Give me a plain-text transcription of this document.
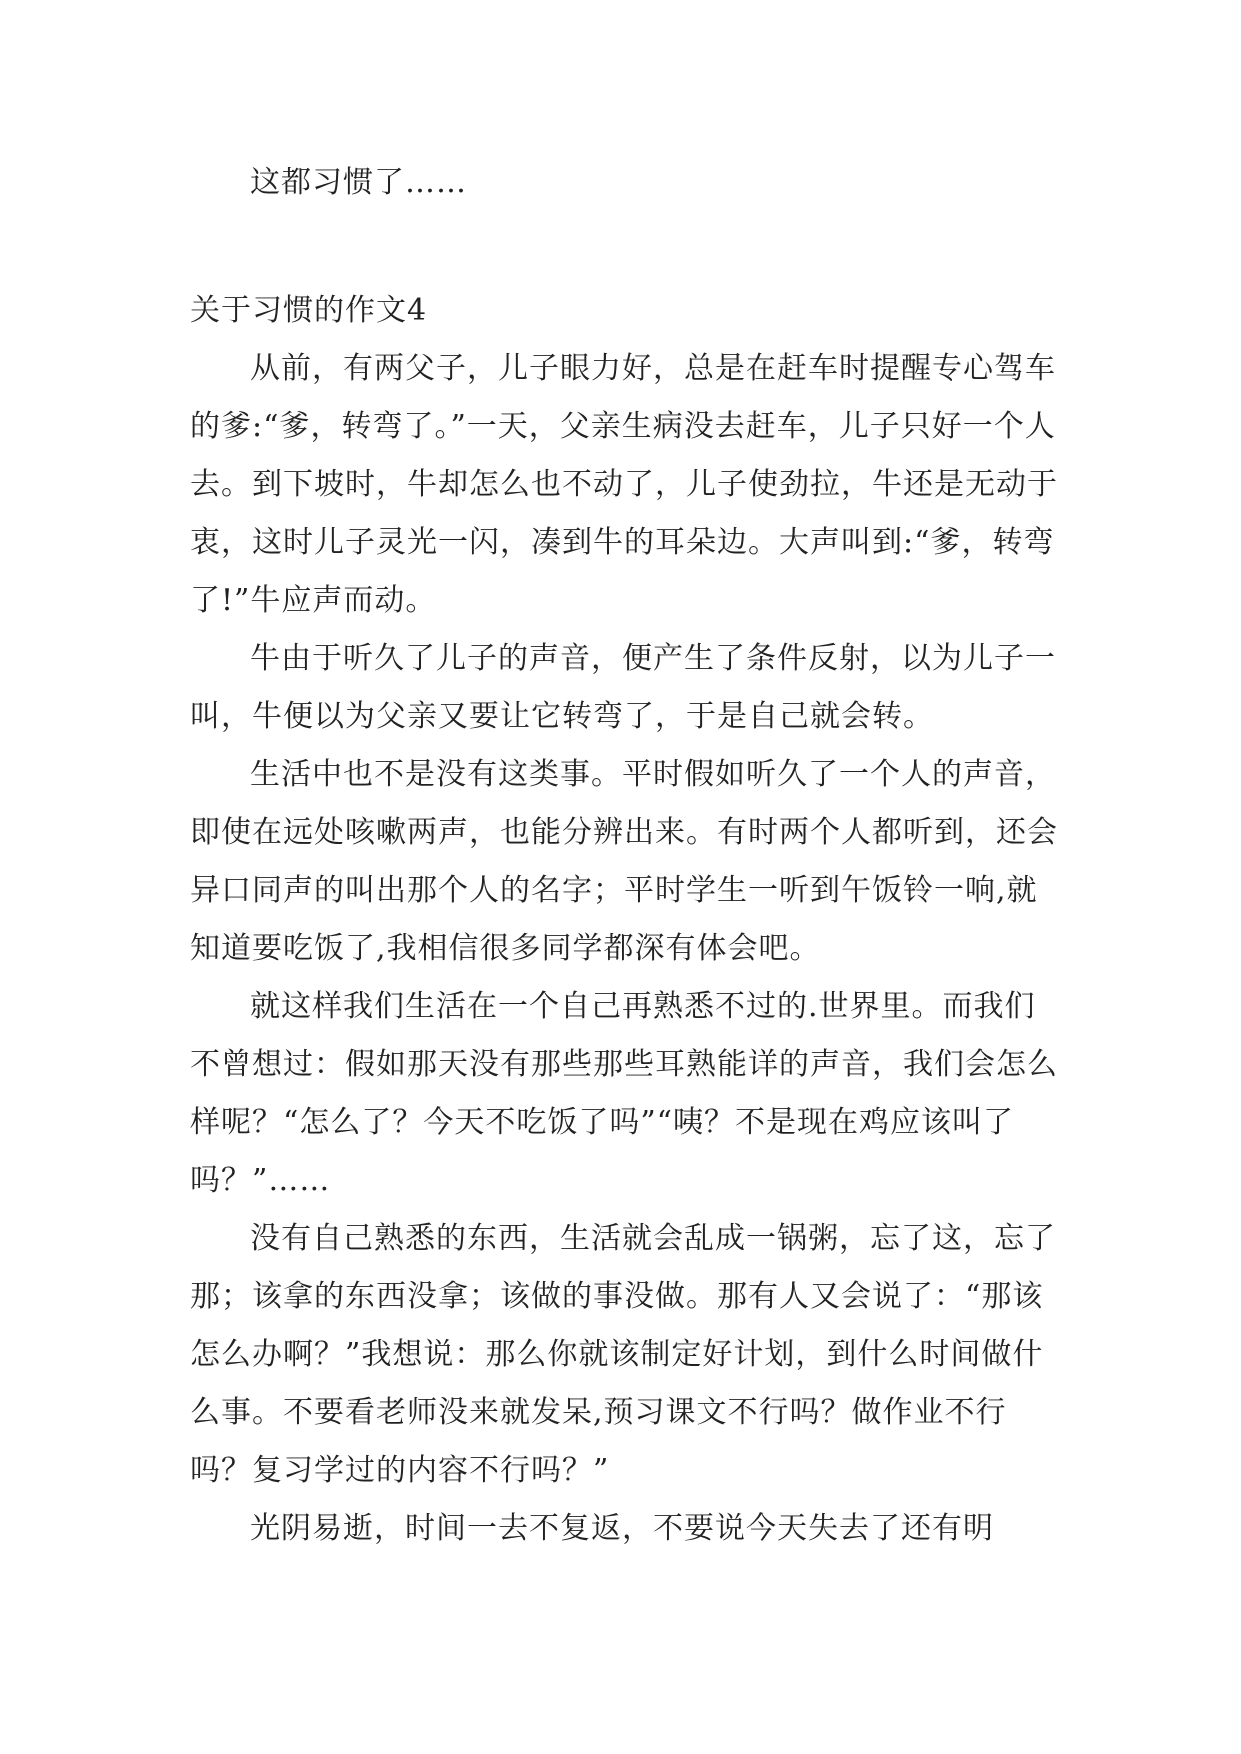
这都习惯了……

关于习惯的作文4

从前，有两父子，儿子眼力好，总是在赶车时提醒专心驾车的爹:“爹，转弯了。”一天，父亲生病没去赶车，儿子只好一个人去。到下坡时，牛却怎么也不动了，儿子使劲拉，牛还是无动于衷，这时儿子灵光一闪，凑到牛的耳朵边。大声叫到:“爹，转弯了!”牛应声而动。

牛由于听久了儿子的声音，便产生了条件反射，以为儿子一叫，牛便以为父亲又要让它转弯了，于是自己就会转。

生活中也不是没有这类事。平时假如听久了一个人的声音，即使在远处咳嗽两声，也能分辨出来。有时两个人都听到，还会异口同声的叫出那个人的名字；平时学生一听到午饭铃一响,就知道要吃饭了,我相信很多同学都深有体会吧。

就这样我们生活在一个自己再熟悉不过的.世界里。而我们不曾想过：假如那天没有那些那些耳熟能详的声音，我们会怎么样呢？“怎么了？今天不吃饭了吗”“咦？不是现在鸡应该叫了吗？”……

没有自己熟悉的东西，生活就会乱成一锅粥，忘了这，忘了那；该拿的东西没拿；该做的事没做。那有人又会说了：“那该怎么办啊？”我想说：那么你就该制定好计划，到什么时间做什么事。不要看老师没来就发呆,预习课文不行吗？做作业不行吗？复习学过的内容不行吗？”

光阴易逝，时间一去不复返，不要说今天失去了还有明
